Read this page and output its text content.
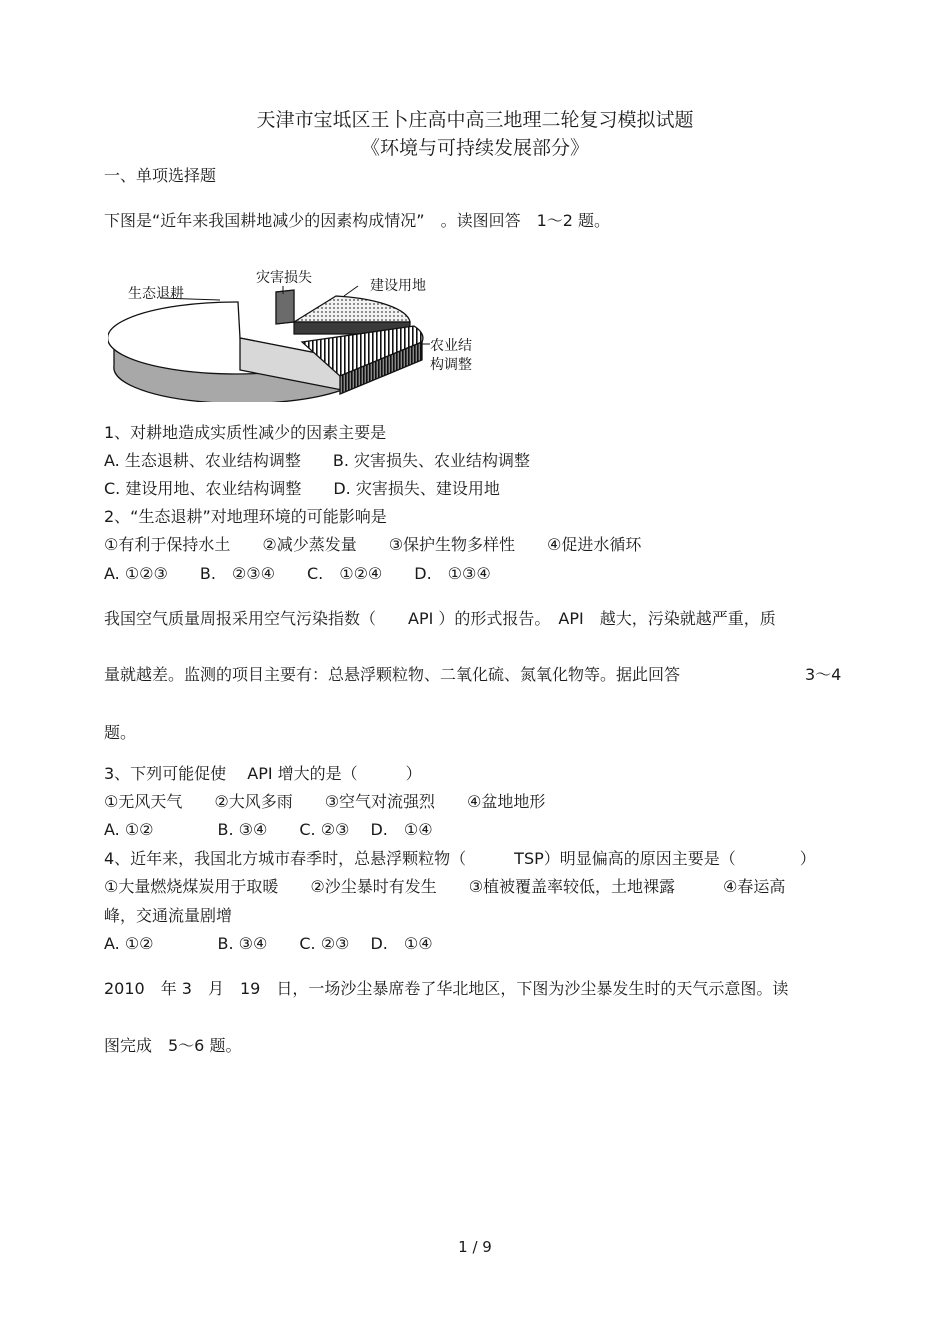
天津市宝坻区王卜庄高中高三地理二轮复习模拟试题
《环境与可持续发展部分》
一、单项选择题
下图是“近年来我国耕地减少的因素构成情况”　。读图回答　1～2 题。
生态退耕
灾害损失	建设用地
农业结
构调整
1、对耕地造成实质性减少的因素主要是
A. 生态退耕、农业结构调整　　B. 灾害损失、农业结构调整
C. 建设用地、农业结构调整　　D. 灾害损失、建设用地
2、“生态退耕”对地理环境的可能影响是
①有利于保持水土　　②减少蒸发量　　③保护生物多样性　　④促进水循环
A. ①②③　　B.　②③④　　C.　①②④　　D.　①③④
我国空气质量周报采用空气污染指数（　　API ）的形式报告。　API　越大，污染就越严重，质
量就越差。监测的项目主要有：总悬浮颗粒物、二氧化硫、氮氧化物等。据此回答	3～4
题。
3、下列可能促使　 API 增大的是（　　　）
①无风天气　　②大风多雨　　③空气对流强烈　　④盆地地形
A. ①②　　　　B. ③④　　C. ②③　 D.　①④
4、近年来，我国北方城市春季时，总悬浮颗粒物（　　　TSP）明显偏高的原因主要是（　　　　）
①大量燃烧煤炭用于取暖　　②沙尘暴时有发生　　③植被覆盖率较低，土地裸露　　　④春运高
峰，交通流量剧增
A. ①②　　　　B. ③④　　C. ②③　 D.　①④
2010　年 3　月　19　日，一场沙尘暴席卷了华北地区，下图为沙尘暴发生时的天气示意图。读
图完成　5～6 题。
1 / 9
